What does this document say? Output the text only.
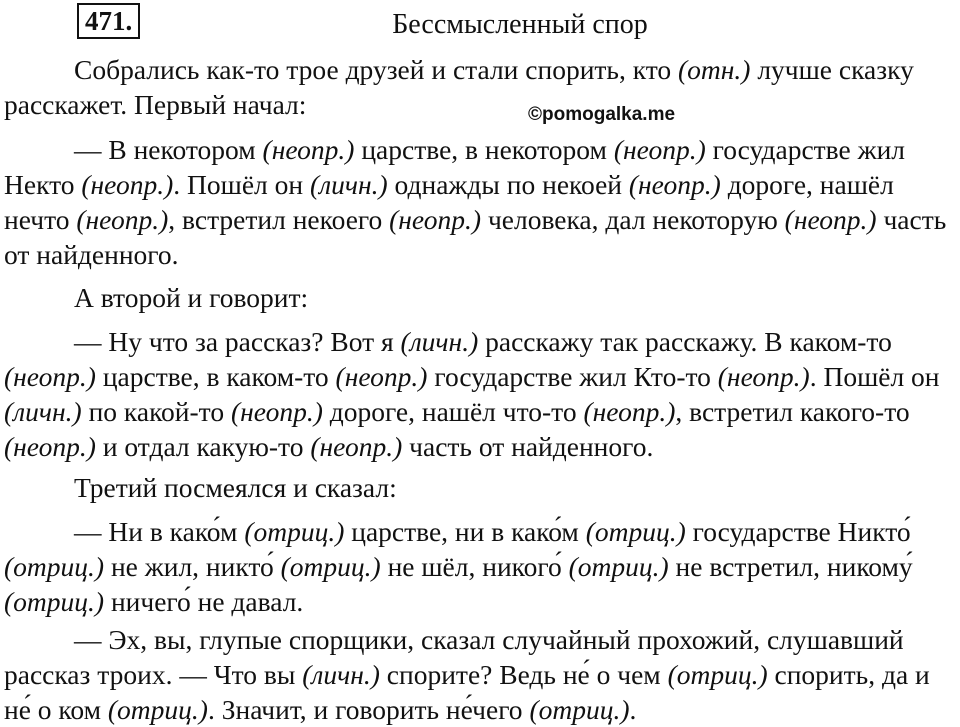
471.	Бессмысленный спор
©pomogalka.me

Собрались как-то трое друзей и стали спорить, кто (отн.) лучше сказку расскажет. Первый начал:

— В некотором (неопр.) царстве, в некотором (неопр.) государстве жил Некто (неопр.). Пошёл он (личн.) однажды по некоей (неопр.) дороге, нашёл нечто (неопр.), встретил некоего (неопр.) человека, дал некоторую (неопр.) часть от найденного.

А второй и говорит:

— Ну что за рассказ? Вот я (личн.) расскажу так расскажу. В каком-то (неопр.) царстве, в каком-то (неопр.) государстве жил Кто-то (неопр.). Пошёл он (личн.) по какой-то (неопр.) дороге, нашёл что-то (неопр.), встретил какого-то (неопр.) и отдал какую-то (неопр.) часть от найденного.

Третий посмеялся и сказал:

— Ни в како́м (отриц.) царстве, ни в како́м (отриц.) государстве Никто́ (отриц.) не жил, никто́ (отриц.) не шёл, никого́ (отриц.) не встретил, никому́ (отриц.) ничего́ не давал.

— Эх, вы, глупые спорщики, сказал случайный прохожий, слушавший рассказ троих. — Что вы (личн.) спорите? Ведь не́ о чем (отриц.) спорить, да и не́ о ком (отриц.). Значит, и говорить не́чего (отриц.).
